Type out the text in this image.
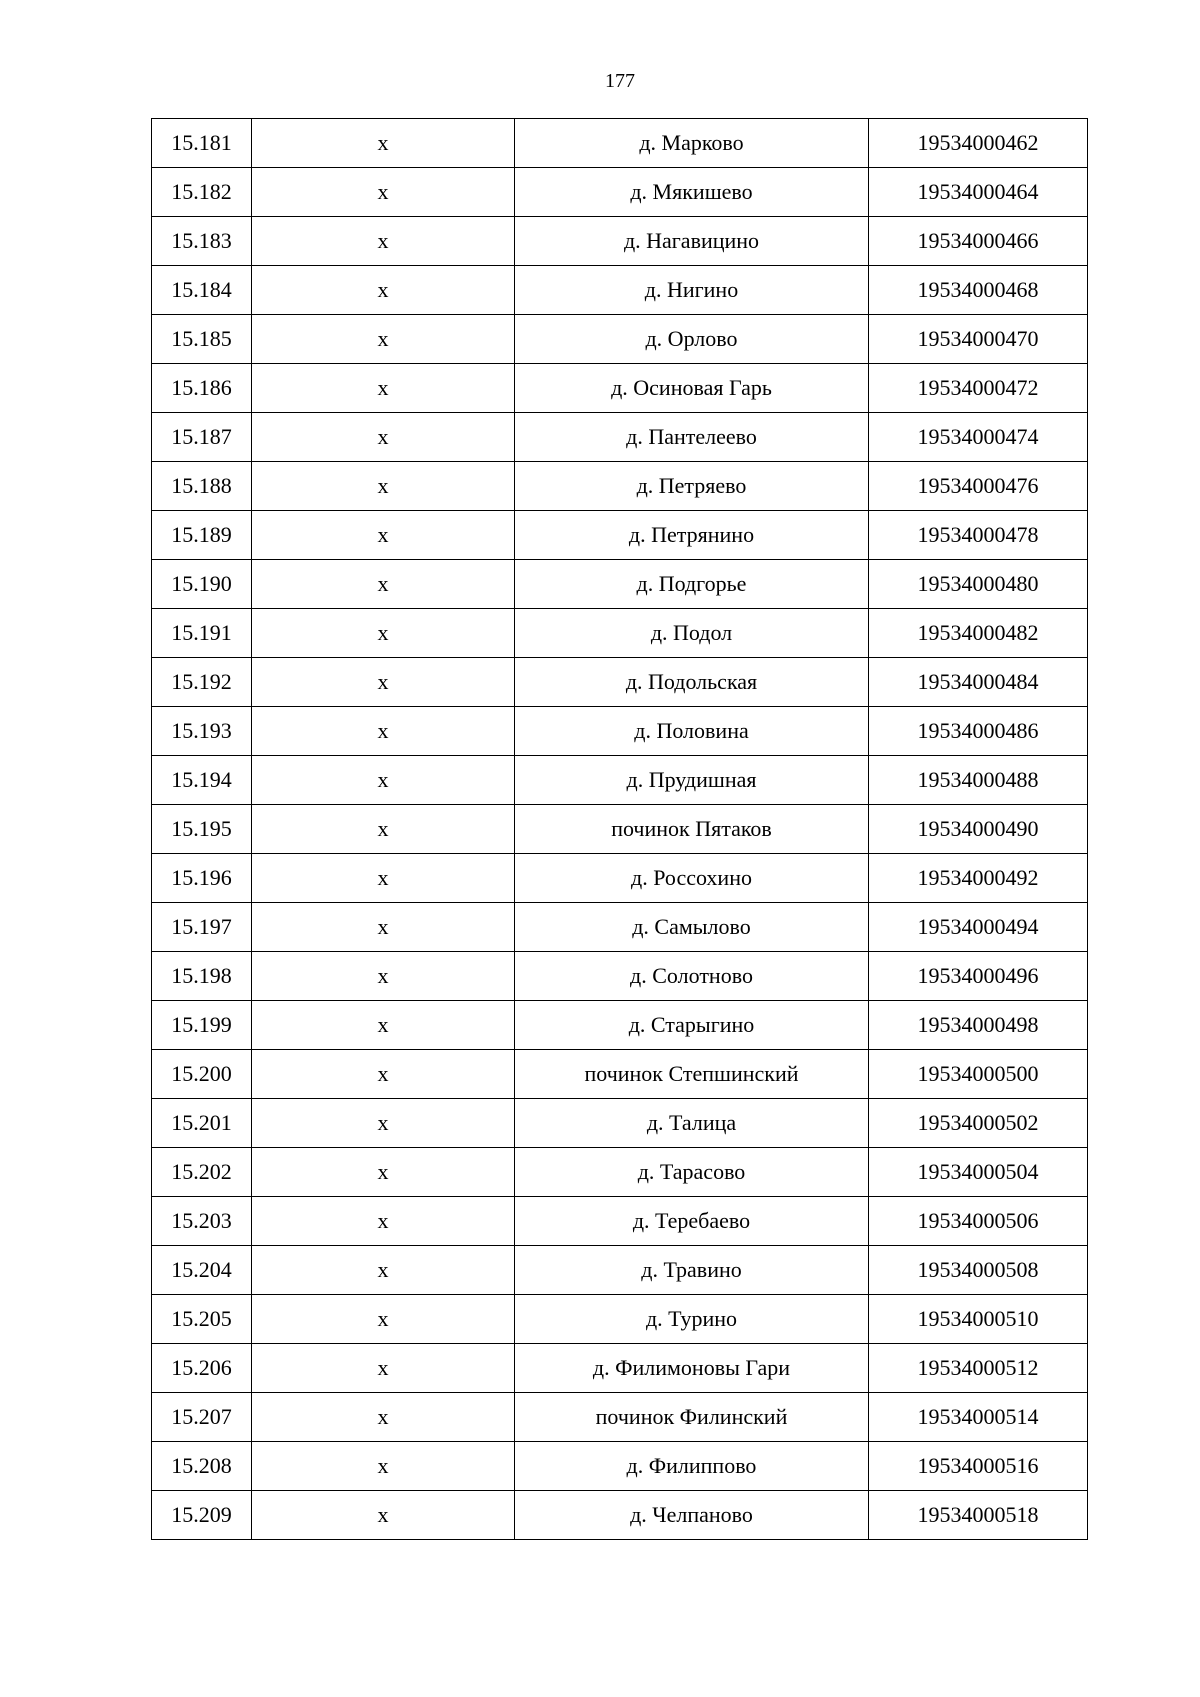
177
15.181	х	д. Марково	19534000462
15.182	х	д. Мякишево	19534000464
15.183	х	д. Нагавицино	19534000466
15.184	х	д. Нигино	19534000468
15.185	х	д. Орлово	19534000470
15.186	х	д. Осиновая Гарь	19534000472
15.187	х	д. Пантелеево	19534000474
15.188	х	д. Петряево	19534000476
15.189	х	д. Петрянино	19534000478
15.190	х	д. Подгорье	19534000480
15.191	х	д. Подол	19534000482
15.192	х	д. Подольская	19534000484
15.193	х	д. Половина	19534000486
15.194	х	д. Прудишная	19534000488
15.195	х	починок Пятаков	19534000490
15.196	х	д. Россохино	19534000492
15.197	х	д. Самылово	19534000494
15.198	х	д. Солотново	19534000496
15.199	х	д. Старыгино	19534000498
15.200	х	починок Степшинский	19534000500
15.201	х	д. Талица	19534000502
15.202	х	д. Тарасово	19534000504
15.203	х	д. Теребаево	19534000506
15.204	х	д. Травино	19534000508
15.205	х	д. Турино	19534000510
15.206	х	д. Филимоновы Гари	19534000512
15.207	х	починок Филинский	19534000514
15.208	х	д. Филиппово	19534000516
15.209	х	д. Челпаново	19534000518
